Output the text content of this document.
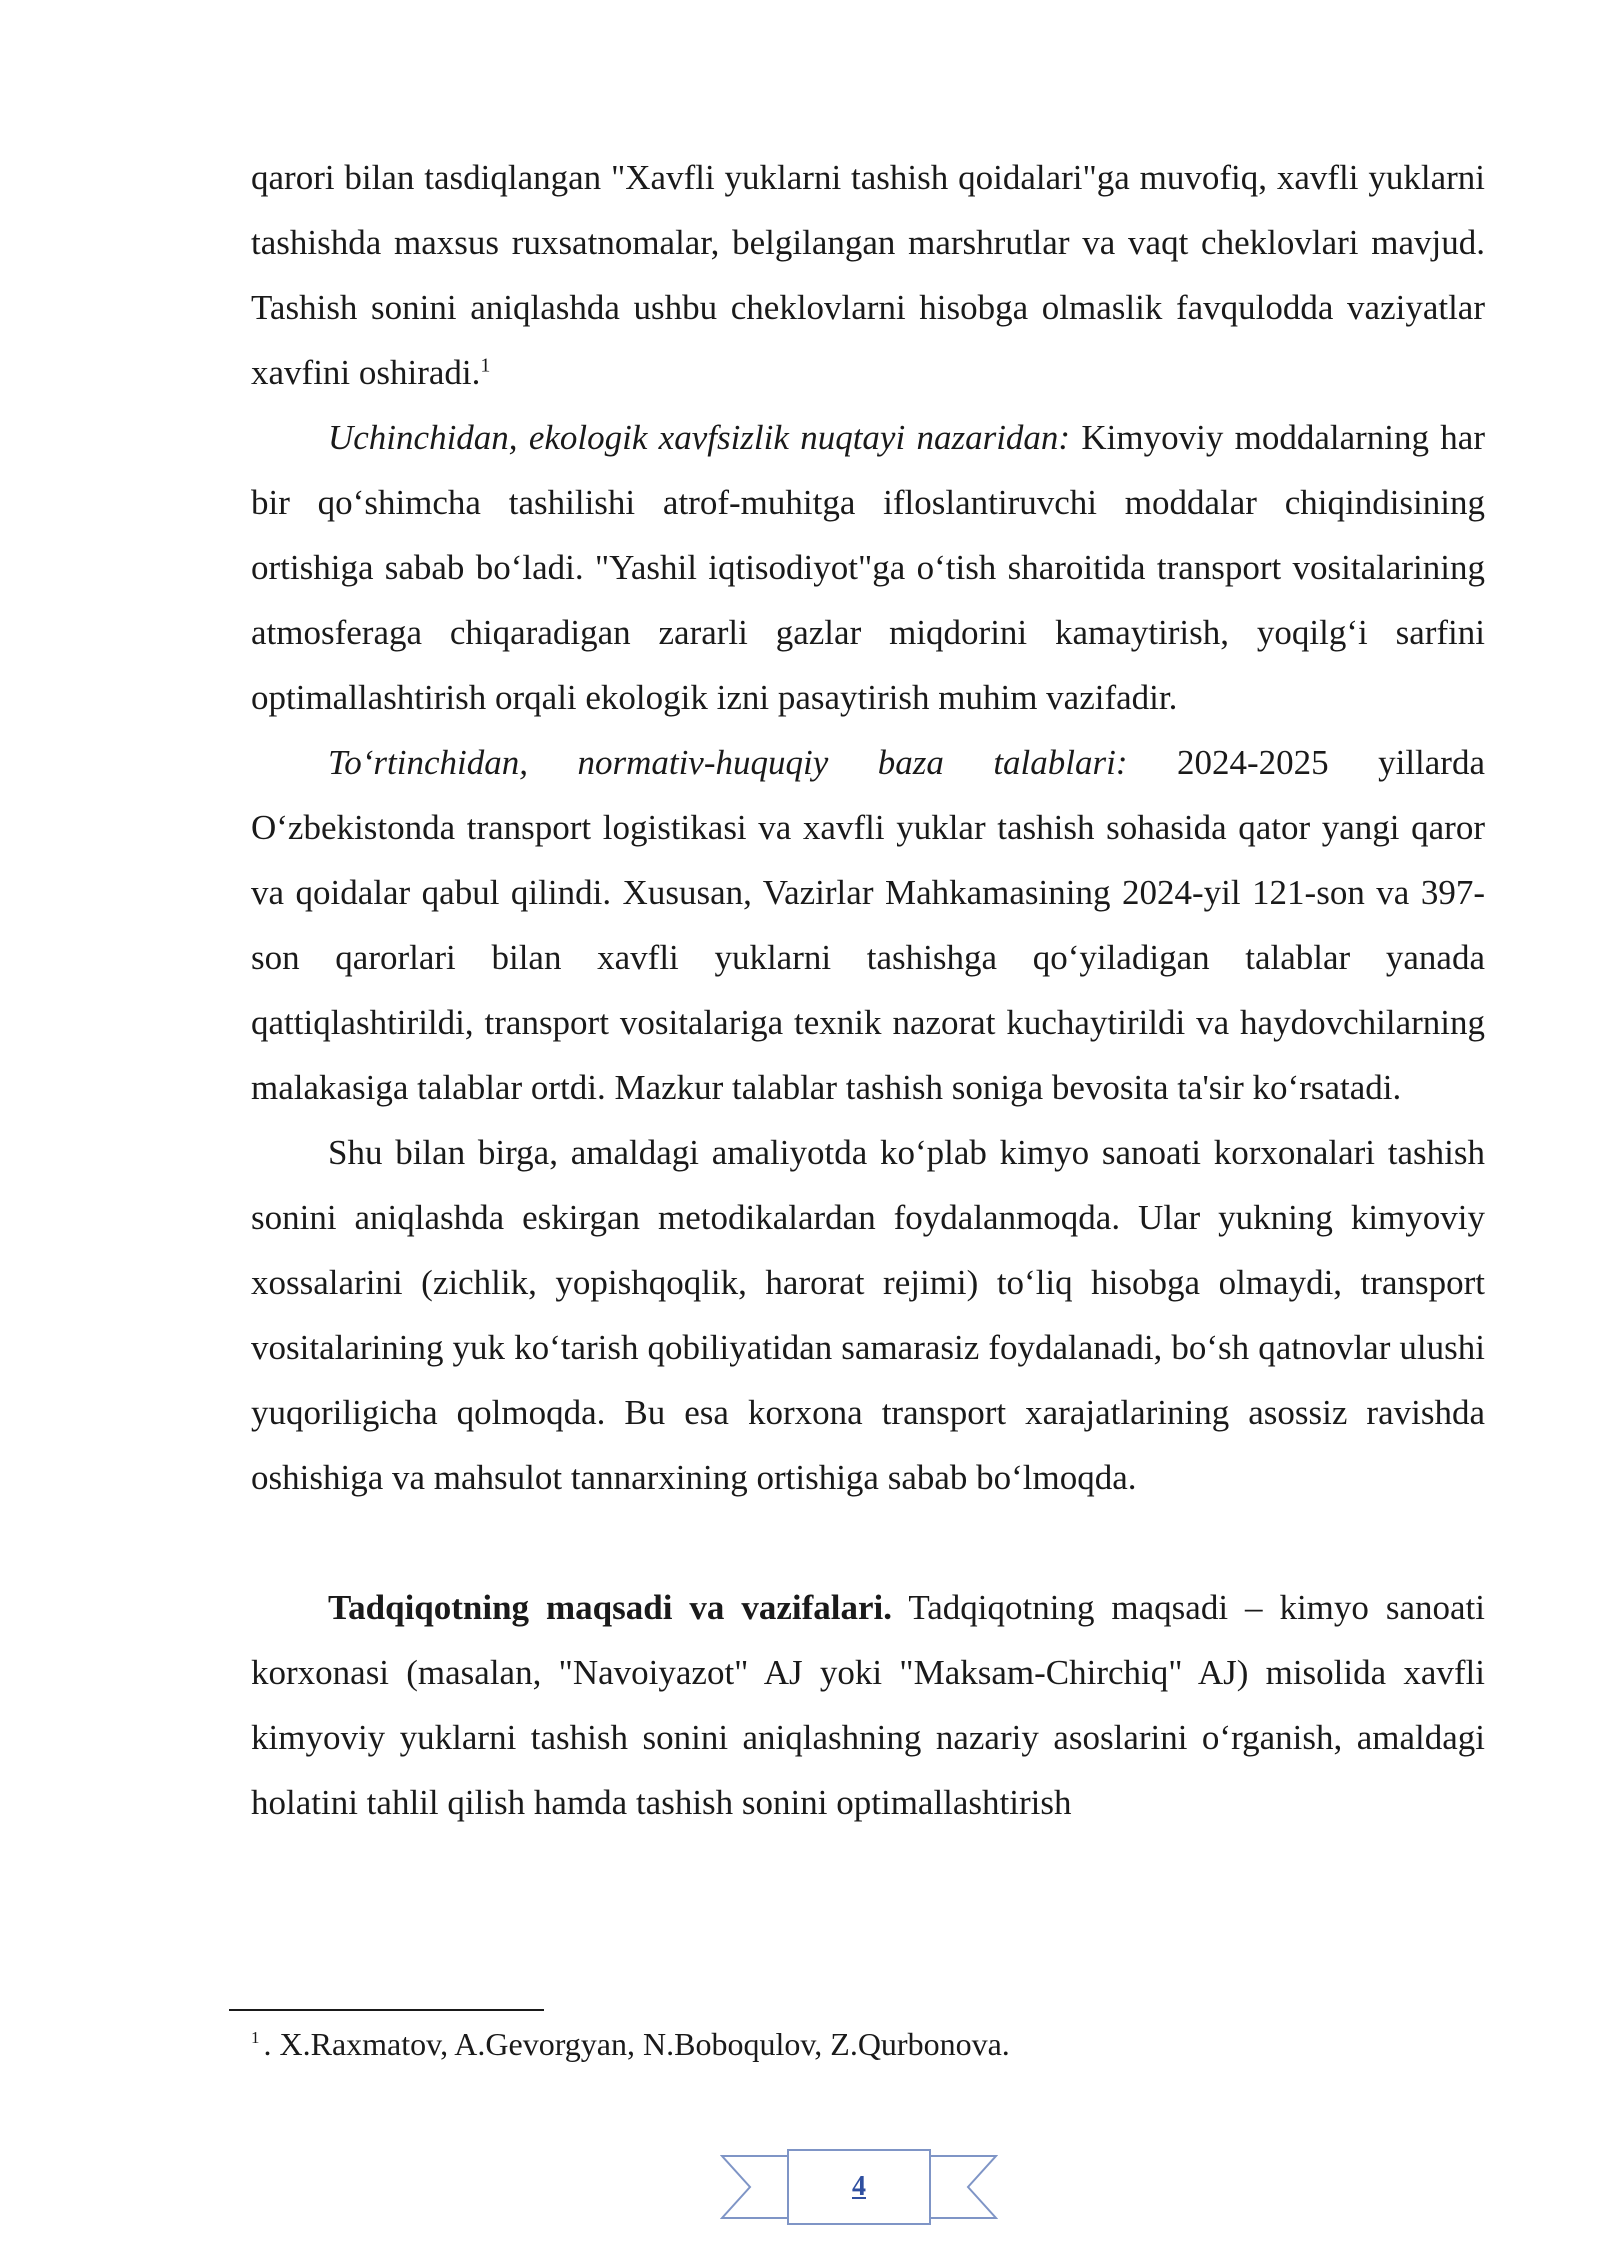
qarori bilan tasdiqlangan "Xavfli yuklarni tashish qoidalari"ga muvofiq, xavfli yuklarni tashishda maxsus ruxsatnomalar, belgilangan marshrutlar va vaqt cheklovlari mavjud. Tashish sonini aniqlashda ushbu cheklovlarni hisobga olmaslik favqulodda vaziyatlar xavfini oshiradi.$^1$

Uchinchidan, ekologik xavfsizlik nuqtayi nazaridan: Kimyoviy moddalarning har bir qo‘shimcha tashilishi atrof-muhitga ifloslantiruvchi moddalar chiqindisining ortishiga sabab bo‘ladi. "Yashil iqtisodiyot"ga o‘tish sharoitida transport vositalarining atmosferaga chiqaradigan zararli gazlar miqdorini kamaytirish, yoqilg‘i sarfini optimallashtirish orqali ekologik izni pasaytirish muhim vazifadir.

To‘rtinchidan, normativ-huquqiy baza talablari: 2024-2025 yillarda O‘zbekistonda transport logistikasi va xavfli yuklar tashish sohasida qator yangi qaror va qoidalar qabul qilindi. Xususan, Vazirlar Mahkamasining 2024-yil 121-son va 397-son qarorlari bilan xavfli yuklarni tashishga qo‘yiladigan talablar yanada qattiqlashtirildi, transport vositalariga texnik nazorat kuchaytirildi va haydovchilarning malakasiga talablar ortdi. Mazkur talablar tashish soniga bevosita ta'sir ko‘rsatadi.

Shu bilan birga, amaldagi amaliyotda ko‘plab kimyo sanoati korxonalari tashish sonini aniqlashda eskirgan metodikalardan foydalanmoqda. Ular yukning kimyoviy xossalarini (zichlik, yopishqoqlik, harorat rejimi) to‘liq hisobga olmaydi, transport vositalarining yuk ko‘tarish qobiliyatidan samarasiz foydalanadi, bo‘sh qatnovlar ulushi yuqoriligicha qolmoqda. Bu esa korxona transport xarajatlarining asossiz ravishda oshishiga va mahsulot tannarxining ortishiga sabab bo‘lmoqda.

Tadqiqotning maqsadi va vazifalari. Tadqiqotning maqsadi – kimyo sanoati korxonasi (masalan, "Navoiyazot" AJ yoki "Maksam-Chirchiq" AJ) misolida xavfli kimyoviy yuklarni tashish sonini aniqlashning nazariy asoslarini o‘rganish, amaldagi holatini tahlil qilish hamda tashish sonini optimallashtirish

$^1$ . X.Raxmatov, A.Gevorgyan, N.Boboqulov, Z.Qurbonova.
4
